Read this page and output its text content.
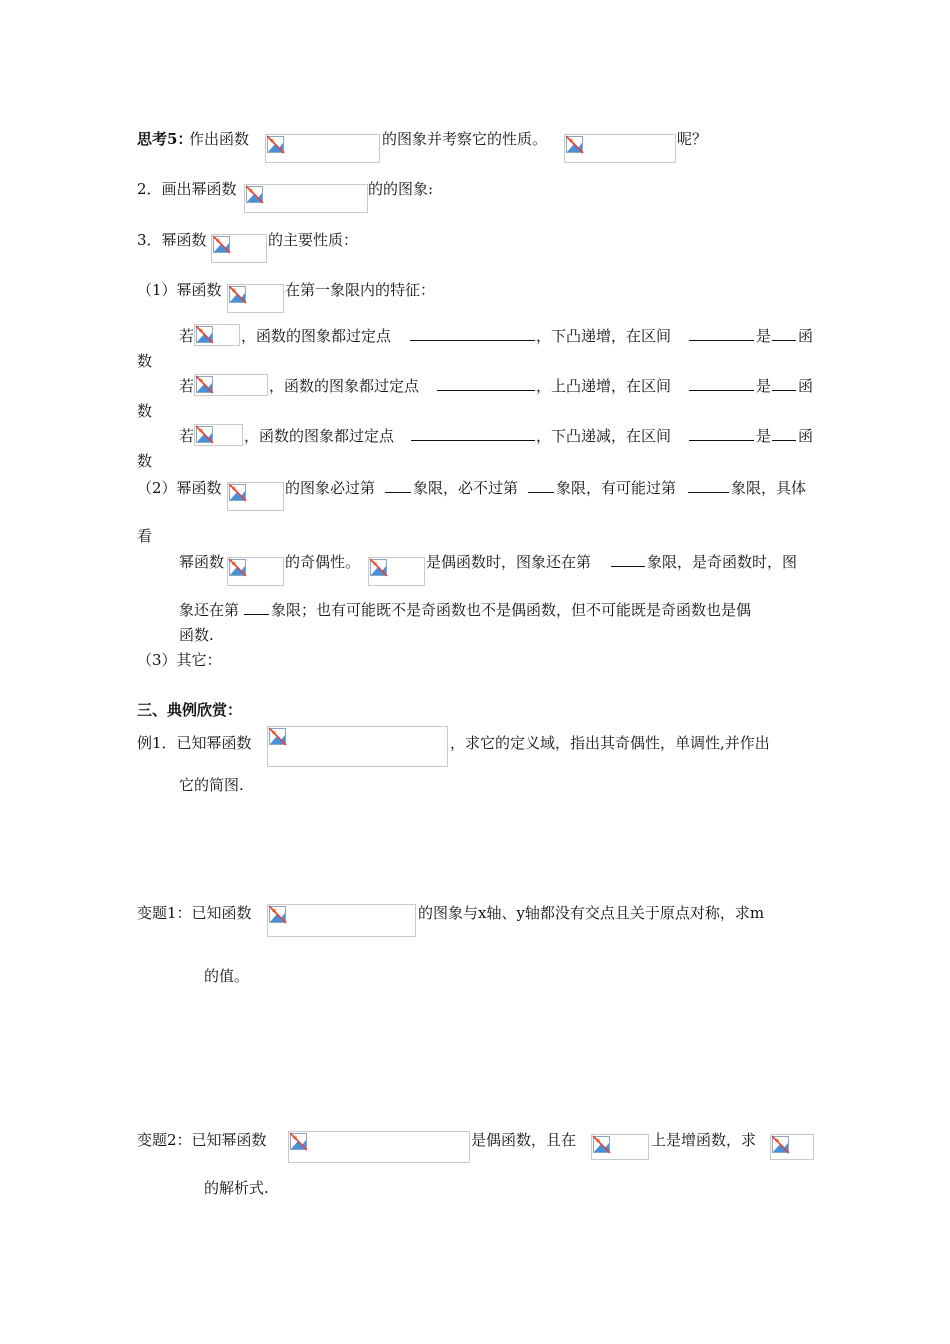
思考5：
作出函数	的图象并考察它的性质。	呢？
2．画出幂函数	的的图象:
3．幂函数	的主要性质：
（1）幂函数	在第一象限内的特征：
若	，函数的图象都过定点	，下凸递增，在区间	是 函
数
若	，函数的图象都过定点	，上凸递增，在区间	是 函
数
若	，函数的图象都过定点	，下凸递减，在区间	是 函
数
（2）幂函数	的图象必过第	象限，必不过第	象限，有可能过第	象限，具体
看
幂函数	的奇偶性。	是偶函数时，图象还在第	象限，是奇函数时，图
象还在第 象限；也有可能既不是奇函数也不是偶函数，但不可能既是奇函数也是偶
函数.
（3）其它：
三、典例欣赏：
例1．已知幂函数	，求它的定义域，指出其奇偶性，单调性,并作出
它的简图.
变题1：已知函数	的图象与x轴、y轴都没有交点且关于原点对称，求m
的值。
变题2：已知幂函数	是偶函数，且在	上是增函数，求
的解析式.
